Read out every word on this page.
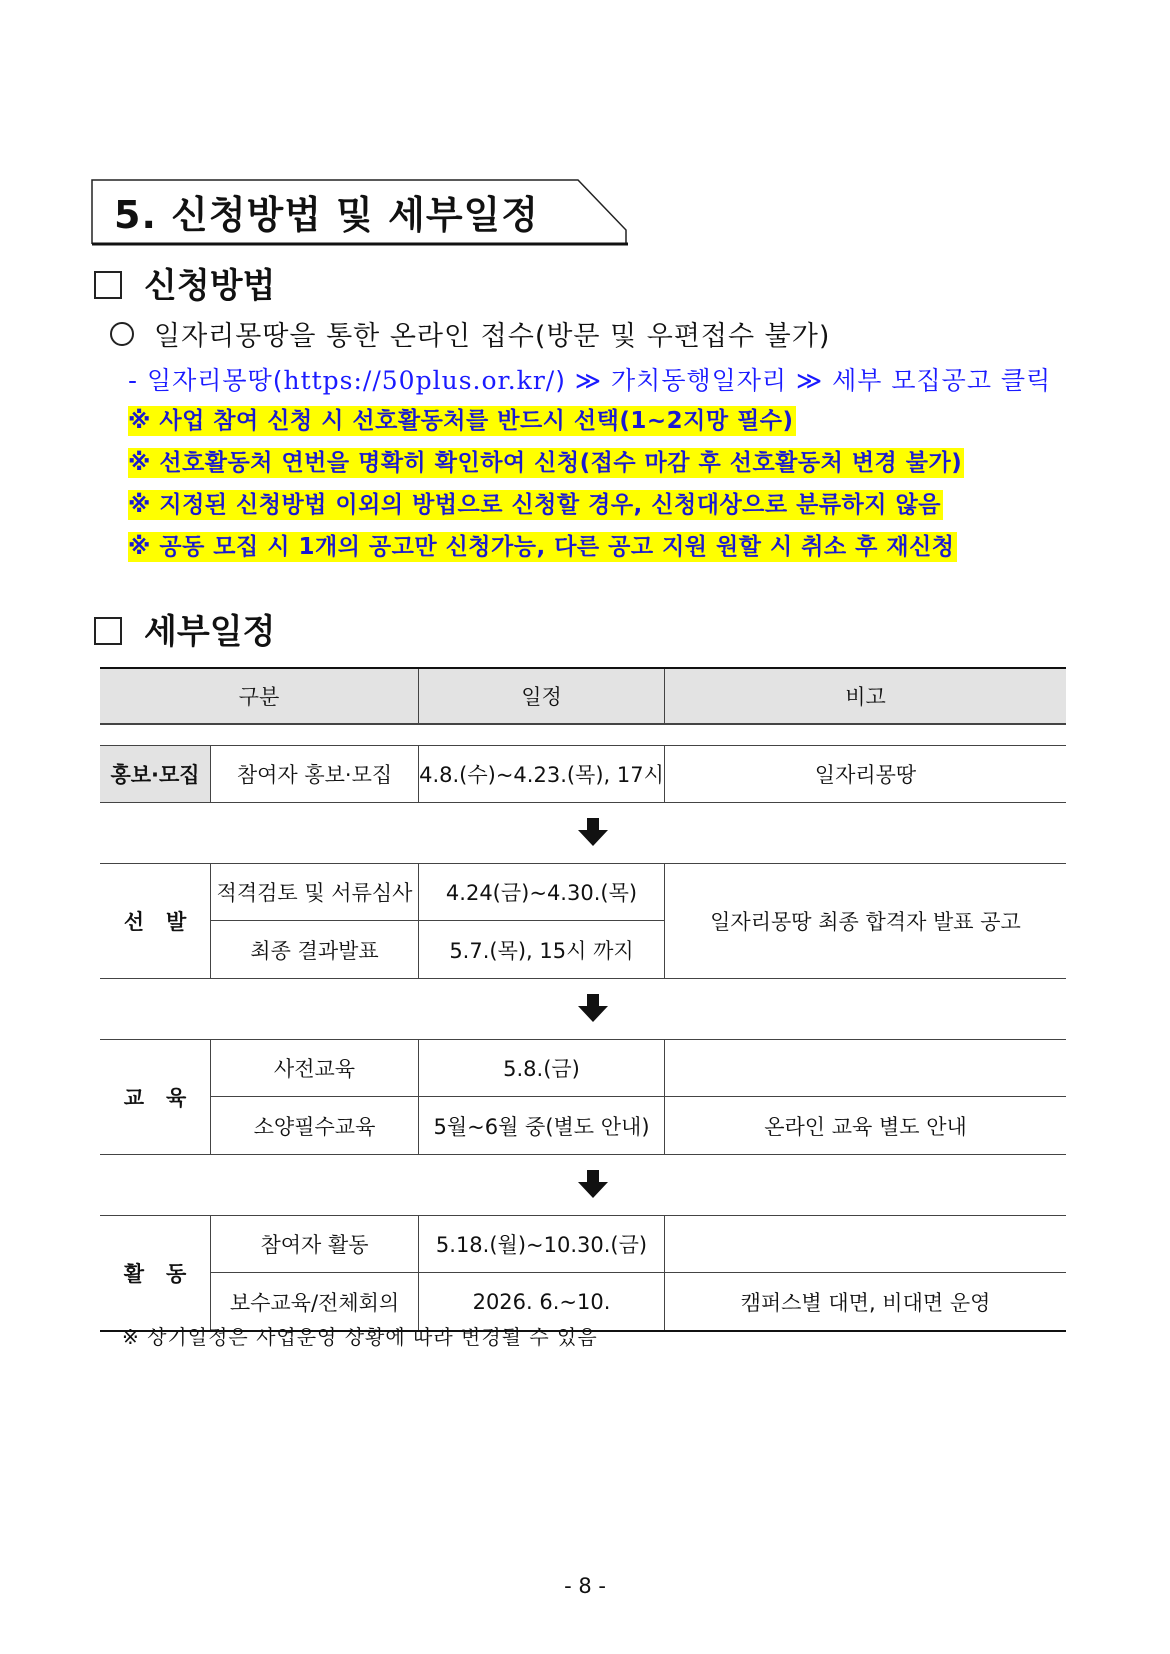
5. 신청방법 및 세부일정
신청방법
일자리몽땅을 통한 온라인 접수(방문 및 우편접수 불가)
- 일자리몽땅(https://50plus.or.kr/) ≫ 가치동행일자리 ≫ 세부 모집공고 클릭
※ 사업 참여 신청 시 선호활동처를 반드시 선택(1~2지망 필수)
※ 선호활동처 연번을 명확히 확인하여 신청(접수 마감 후 선호활동처 변경 불가)
※ 지정된 신청방법 이외의 방법으로 신청할 경우, 신청대상으로 분류하지 않음
※ 공동 모집 시 1개의 공고만 신청가능, 다른 공고 지원 원할 시 취소 후 재신청
세부일정
구분	일정	비고
홍보·모집	참여자 홍보·모집	4.8.(수)~4.23.(목), 17시	일자리몽땅
선   발
적격검토 및 서류심사	4.24(금)~4.30.(목)
최종 결과발표	5.7.(목), 15시 까지
일자리몽땅 최종 합격자 발표 공고
교   육
사전교육	5.8.(금)
소양필수교육	5월~6월 중(별도 안내)	온라인 교육 별도 안내
활   동
참여자 활동	5.18.(월)~10.30.(금)
보수교육/전체회의	2026. 6.~10.	캠퍼스별 대면, 비대면 운영
※ 상기일정은 사업운영 상황에 따라 변경될 수 있음
- 8 -
